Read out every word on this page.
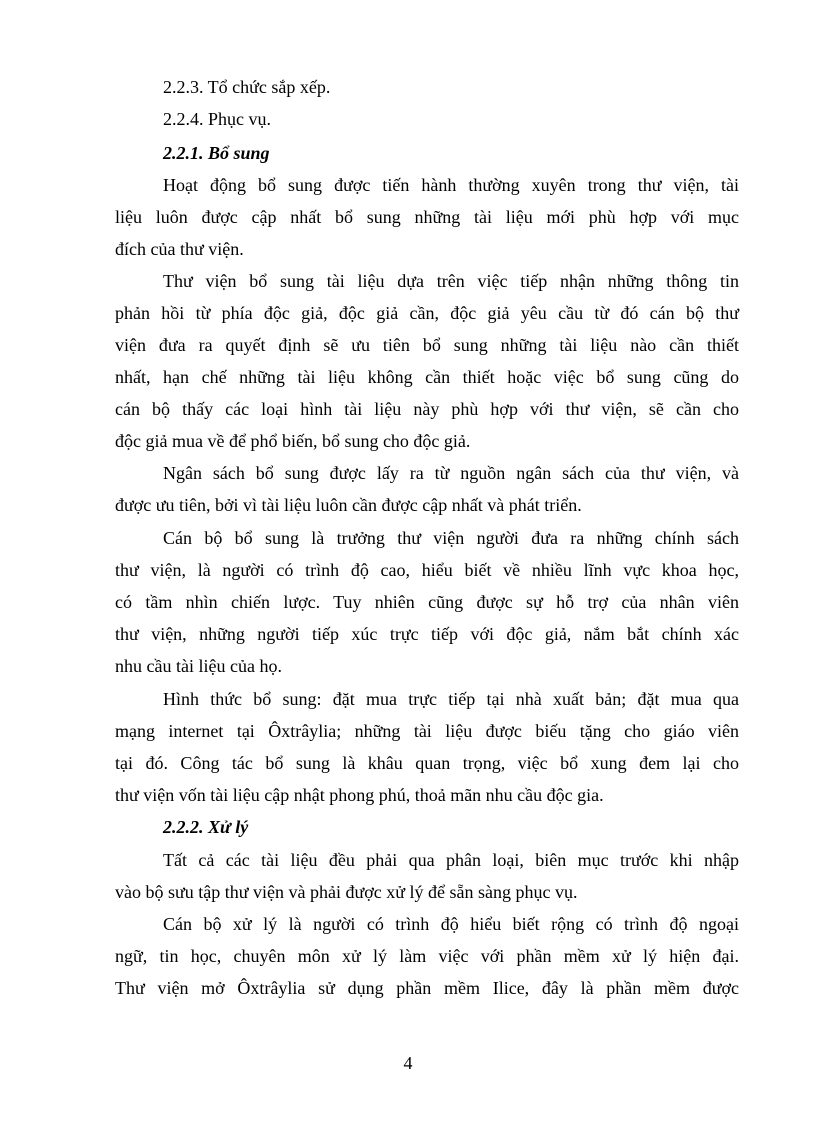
2.2.3. Tổ chức sắp xếp.
2.2.4. Phục vụ.
2.2.1. Bổ sung
Hoạt động bổ sung được tiến hành thường xuyên trong thư viện, tài
liệu luôn được cập nhất bổ sung những tài liệu mới phù hợp với mục
đích của thư viện.
Thư viện bổ sung tài liệu dựa trên việc tiếp nhận những thông tin
phản hồi từ phía độc giả, độc giả cần, độc giả yêu cầu từ đó cán bộ thư
viện đưa ra quyết định sẽ ưu tiên bổ sung những tài liệu nào cần thiết
nhất, hạn chế những tài liệu không cần thiết hoặc việc bổ sung cũng do
cán bộ thấy các loại hình tài liệu này phù hợp với thư viện, sẽ cần cho
độc giả mua về để phổ biến, bổ sung cho độc giả.
Ngân sách bổ sung được lấy ra từ nguồn ngân sách của thư viện, và
được ưu tiên, bởi vì tài liệu luôn cần được cập nhất và phát triển.
Cán bộ bổ sung là trưởng thư viện người đưa ra những chính sách
thư viện, là người có trình độ cao, hiểu biết về nhiều lĩnh vực khoa học,
có tầm nhìn chiến lược. Tuy nhiên cũng được sự hỗ trợ của nhân viên
thư viện, những người tiếp xúc trực tiếp với độc giả, nắm bắt chính xác
nhu cầu tài liệu của họ.
Hình thức bổ sung: đặt mua trực tiếp tại nhà xuất bản; đặt mua qua
mạng internet tại Ôxtrâylia; những tài liệu được biếu tặng cho giáo viên
tại đó. Công tác bổ sung là khâu quan trọng, việc bổ xung đem lại cho
thư viện vốn tài liệu cập nhật phong phú, thoả mãn nhu cầu độc gia.
2.2.2. Xử lý
Tất cả các tài liệu đều phải qua phân loại, biên mục trước khi nhập
vào bộ sưu tập thư viện và phải được xử lý để sẵn sàng phục vụ.
Cán bộ xử lý là người có trình độ hiểu biết rộng có trình độ ngoại
ngữ, tin học, chuyên môn xử lý làm việc với phần mềm xử lý hiện đại.
Thư viện mở Ôxtrâylia sử dụng phần mềm Ilice, đây là phần mềm được
4
